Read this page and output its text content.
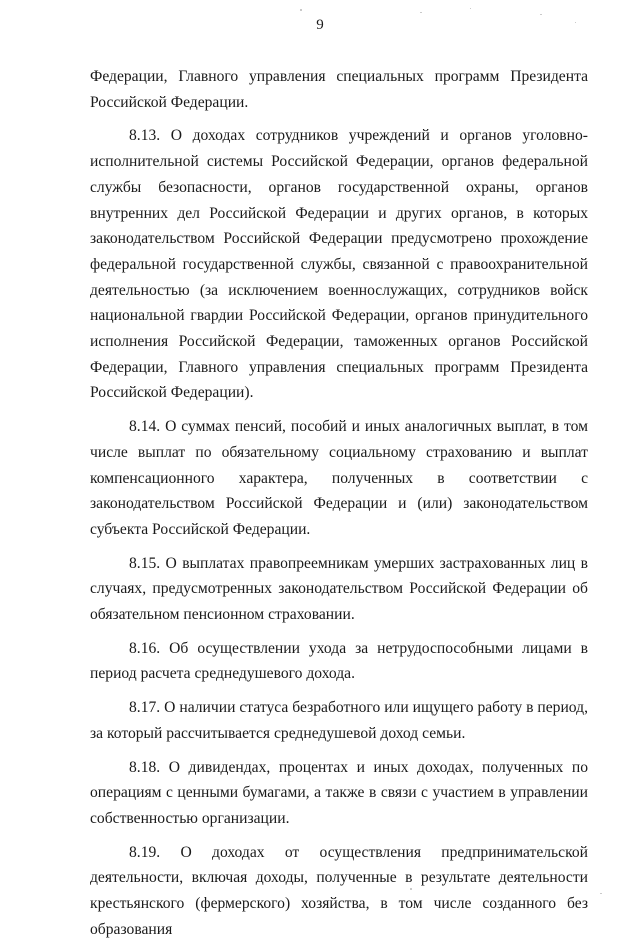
9

Федерации, Главного управления специальных программ Президента Российской Федерации.

8.13. О доходах сотрудников учреждений и органов уголовно-исполнительной системы Российской Федерации, органов федеральной службы безопасности, органов государственной охраны, органов внутренних дел Российской Федерации и других органов, в которых законодательством Российской Федерации предусмотрено прохождение федеральной государственной службы, связанной с правоохранительной деятельностью (за исключением военнослужащих, сотрудников войск национальной гвардии Российской Федерации, органов принудительного исполнения Российской Федерации, таможенных органов Российской Федерации, Главного управления специальных программ Президента Российской Федерации).

8.14. О суммах пенсий, пособий и иных аналогичных выплат, в том числе выплат по обязательному социальному страхованию и выплат компенсационного характера, полученных в соответствии с законодательством Российской Федерации и (или) законодательством субъекта Российской Федерации.

8.15. О выплатах правопреемникам умерших застрахованных лиц в случаях, предусмотренных законодательством Российской Федерации об обязательном пенсионном страховании.

8.16. Об осуществлении ухода за нетрудоспособными лицами в период расчета среднедушевого дохода.

8.17. О наличии статуса безработного или ищущего работу в период, за который рассчитывается среднедушевой доход семьи.

8.18. О дивидендах, процентах и иных доходах, полученных по операциям с ценными бумагами, а также в связи с участием в управлении собственностью организации.

8.19. О доходах от осуществления предпринимательской деятельности, включая доходы, полученные в результате деятельности крестьянского (фермерского) хозяйства, в том числе созданного без образования
